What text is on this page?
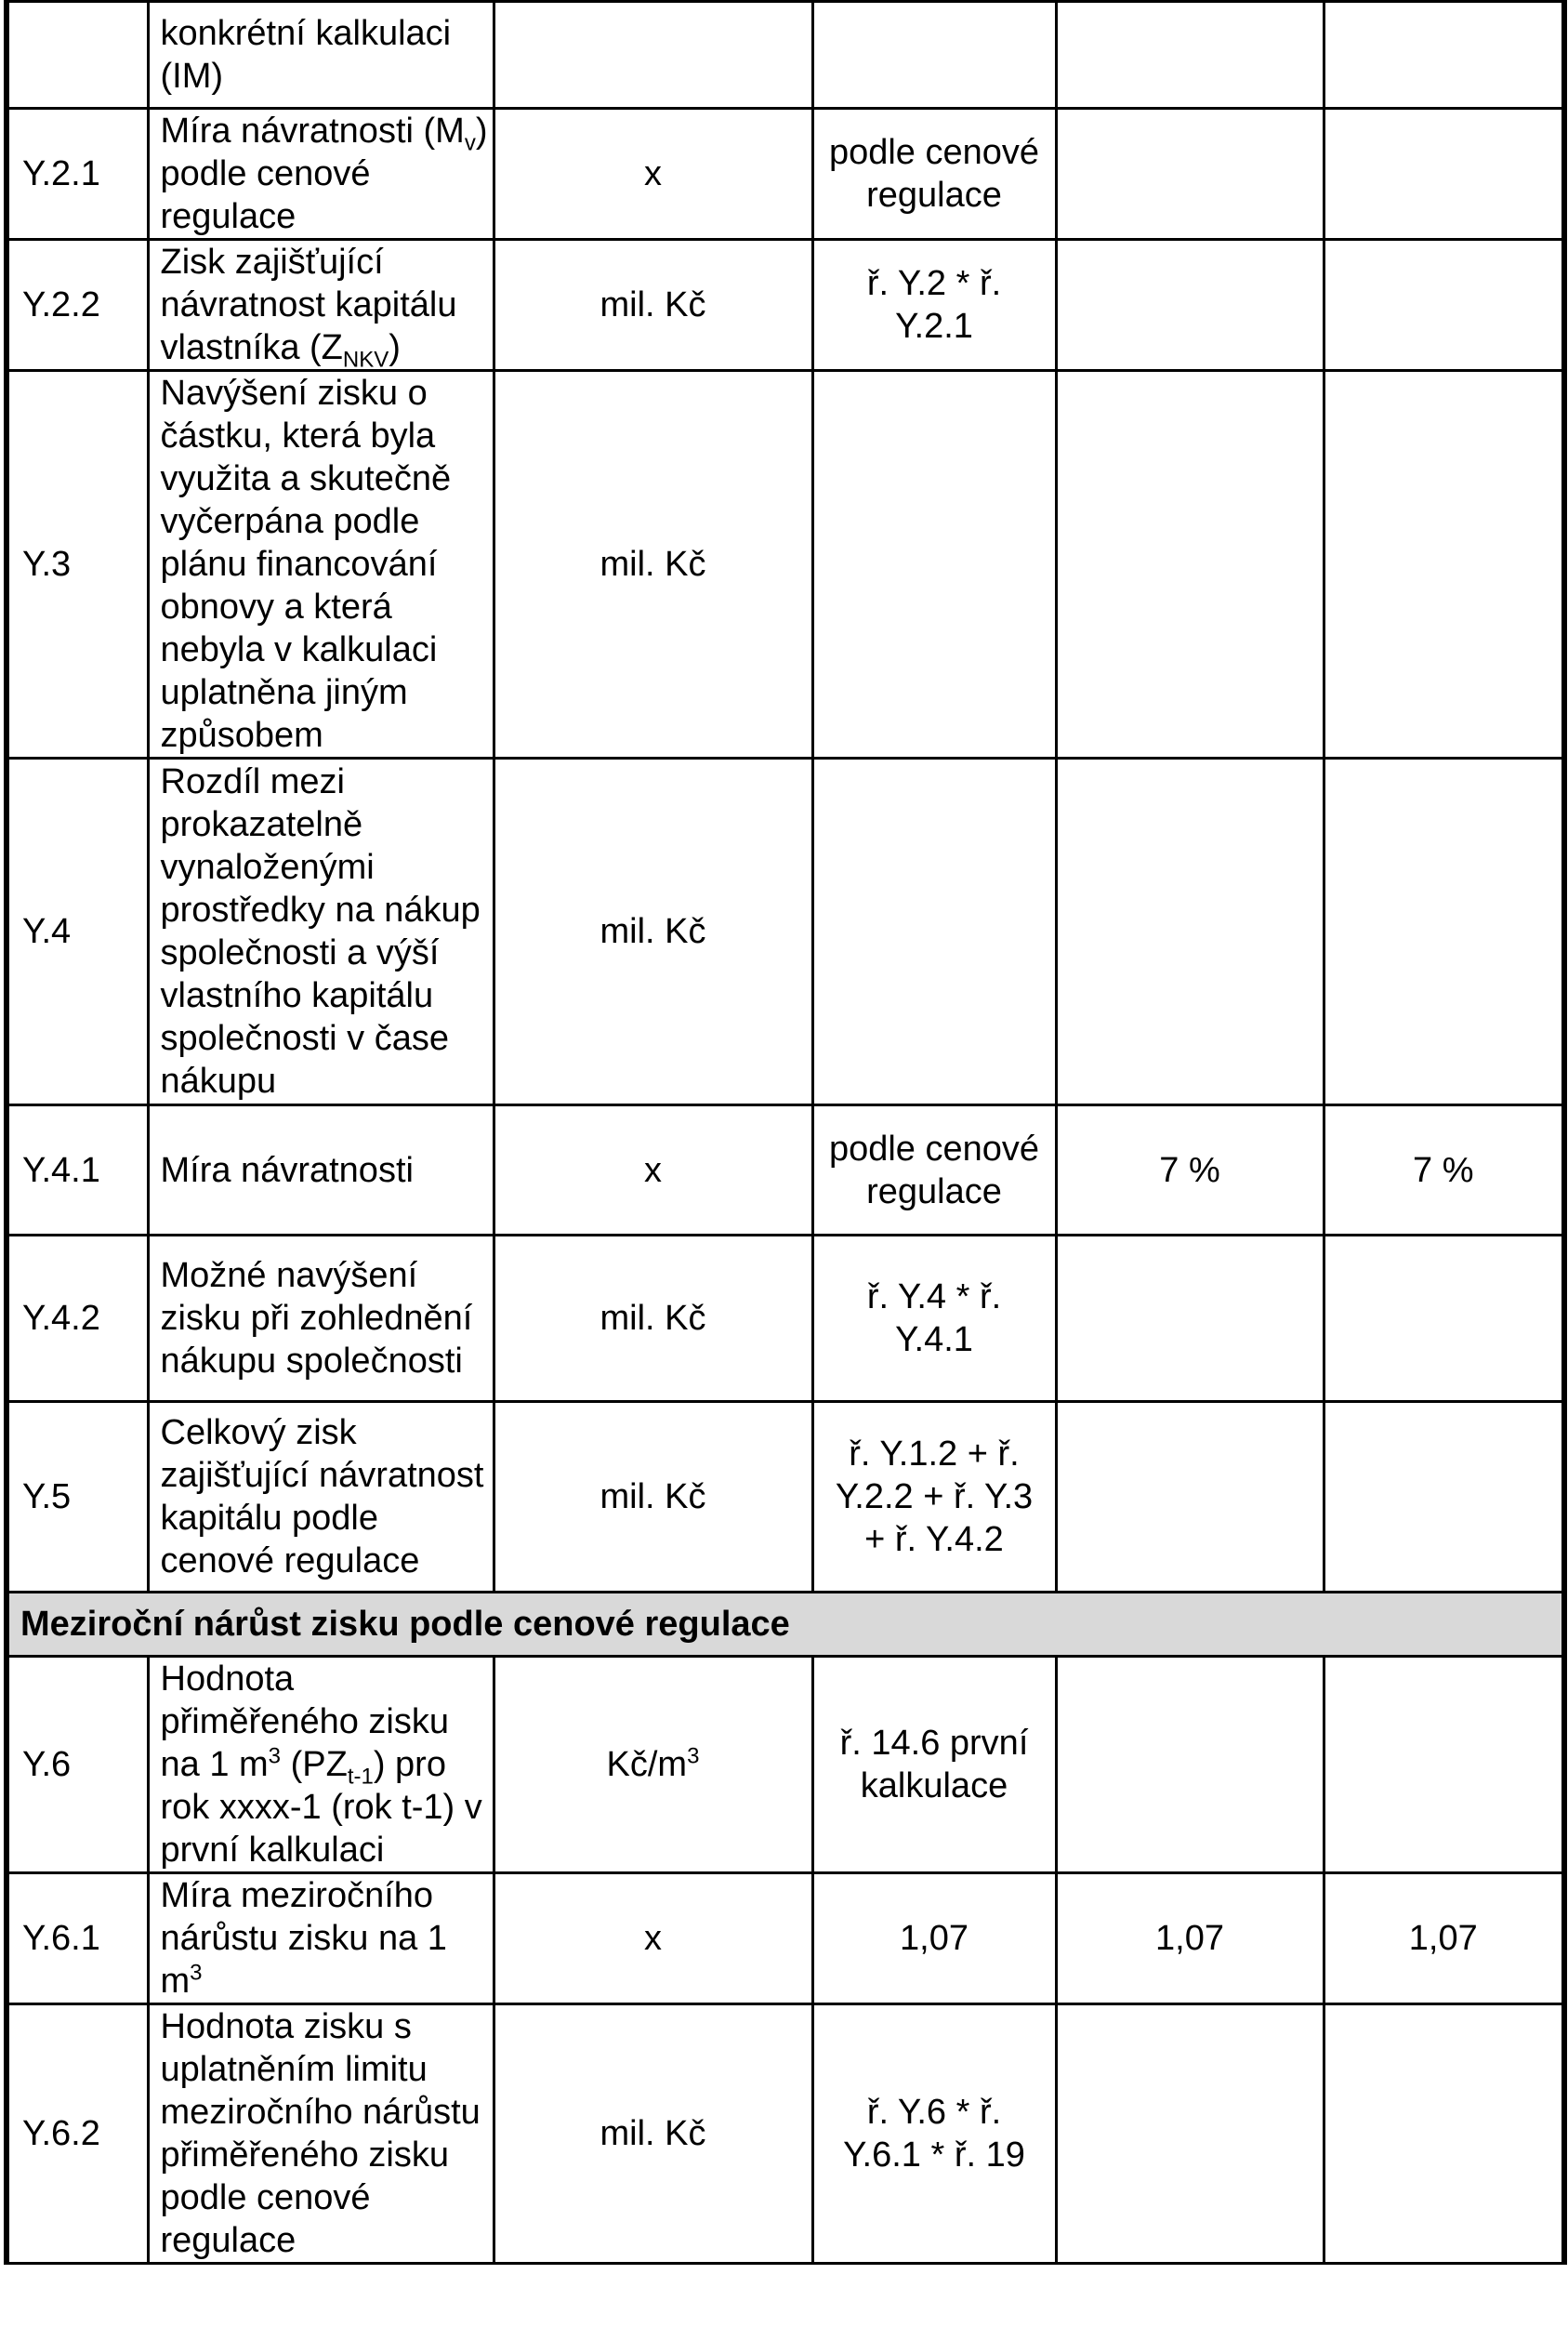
	konkrétní kalkulaci (IM)				
Y.2.1	Míra návratnosti $(M_v)$ podle cenové regulace	x	podle cenové regulace		
Y.2.2	Zisk zajišťující návratnost kapitálu vlastníka $(Z_{NKV})$	mil. Kč	ř. Y.2 * ř. Y.2.1		
Y.3	Navýšení zisku o částku, která byla využita a skutečně vyčerpána podle plánu financování obnovy a která nebyla v kalkulaci uplatněna jiným způsobem	mil. Kč			
Y.4	Rozdíl mezi prokazatelně vynaloženými prostředky na nákup společnosti a výší vlastního kapitálu společnosti v čase nákupu	mil. Kč			
Y.4.1	Míra návratnosti	x	podle cenové regulace	7 %	7 %
Y.4.2	Možné navýšení zisku při zohlednění nákupu společnosti	mil. Kč	ř. Y.4 * ř. Y.4.1		
Y.5	Celkový zisk zajišťující návratnost kapitálu podle cenové regulace	mil. Kč	ř. Y.1.2 + ř. Y.2.2 + ř. Y.3 + ř. Y.4.2		
Meziroční nárůst zisku podle cenové regulace					
Y.6	Hodnota přiměřeného zisku na 1 $m^3$ $(PZ_{t-1})$ pro rok xxxx-1 (rok t-1) v první kalkulaci	$Kč/m^3$	ř. 14.6 první kalkulace		
Y.6.1	Míra meziročního nárůstu zisku na 1 $m^3$	x	1,07	1,07	1,07
Y.6.2	Hodnota zisku s uplatněním limitu meziročního nárůstu přiměřeného zisku podle cenové regulace	mil. Kč	ř. Y.6 * ř. Y.6.1 * ř. 19		
